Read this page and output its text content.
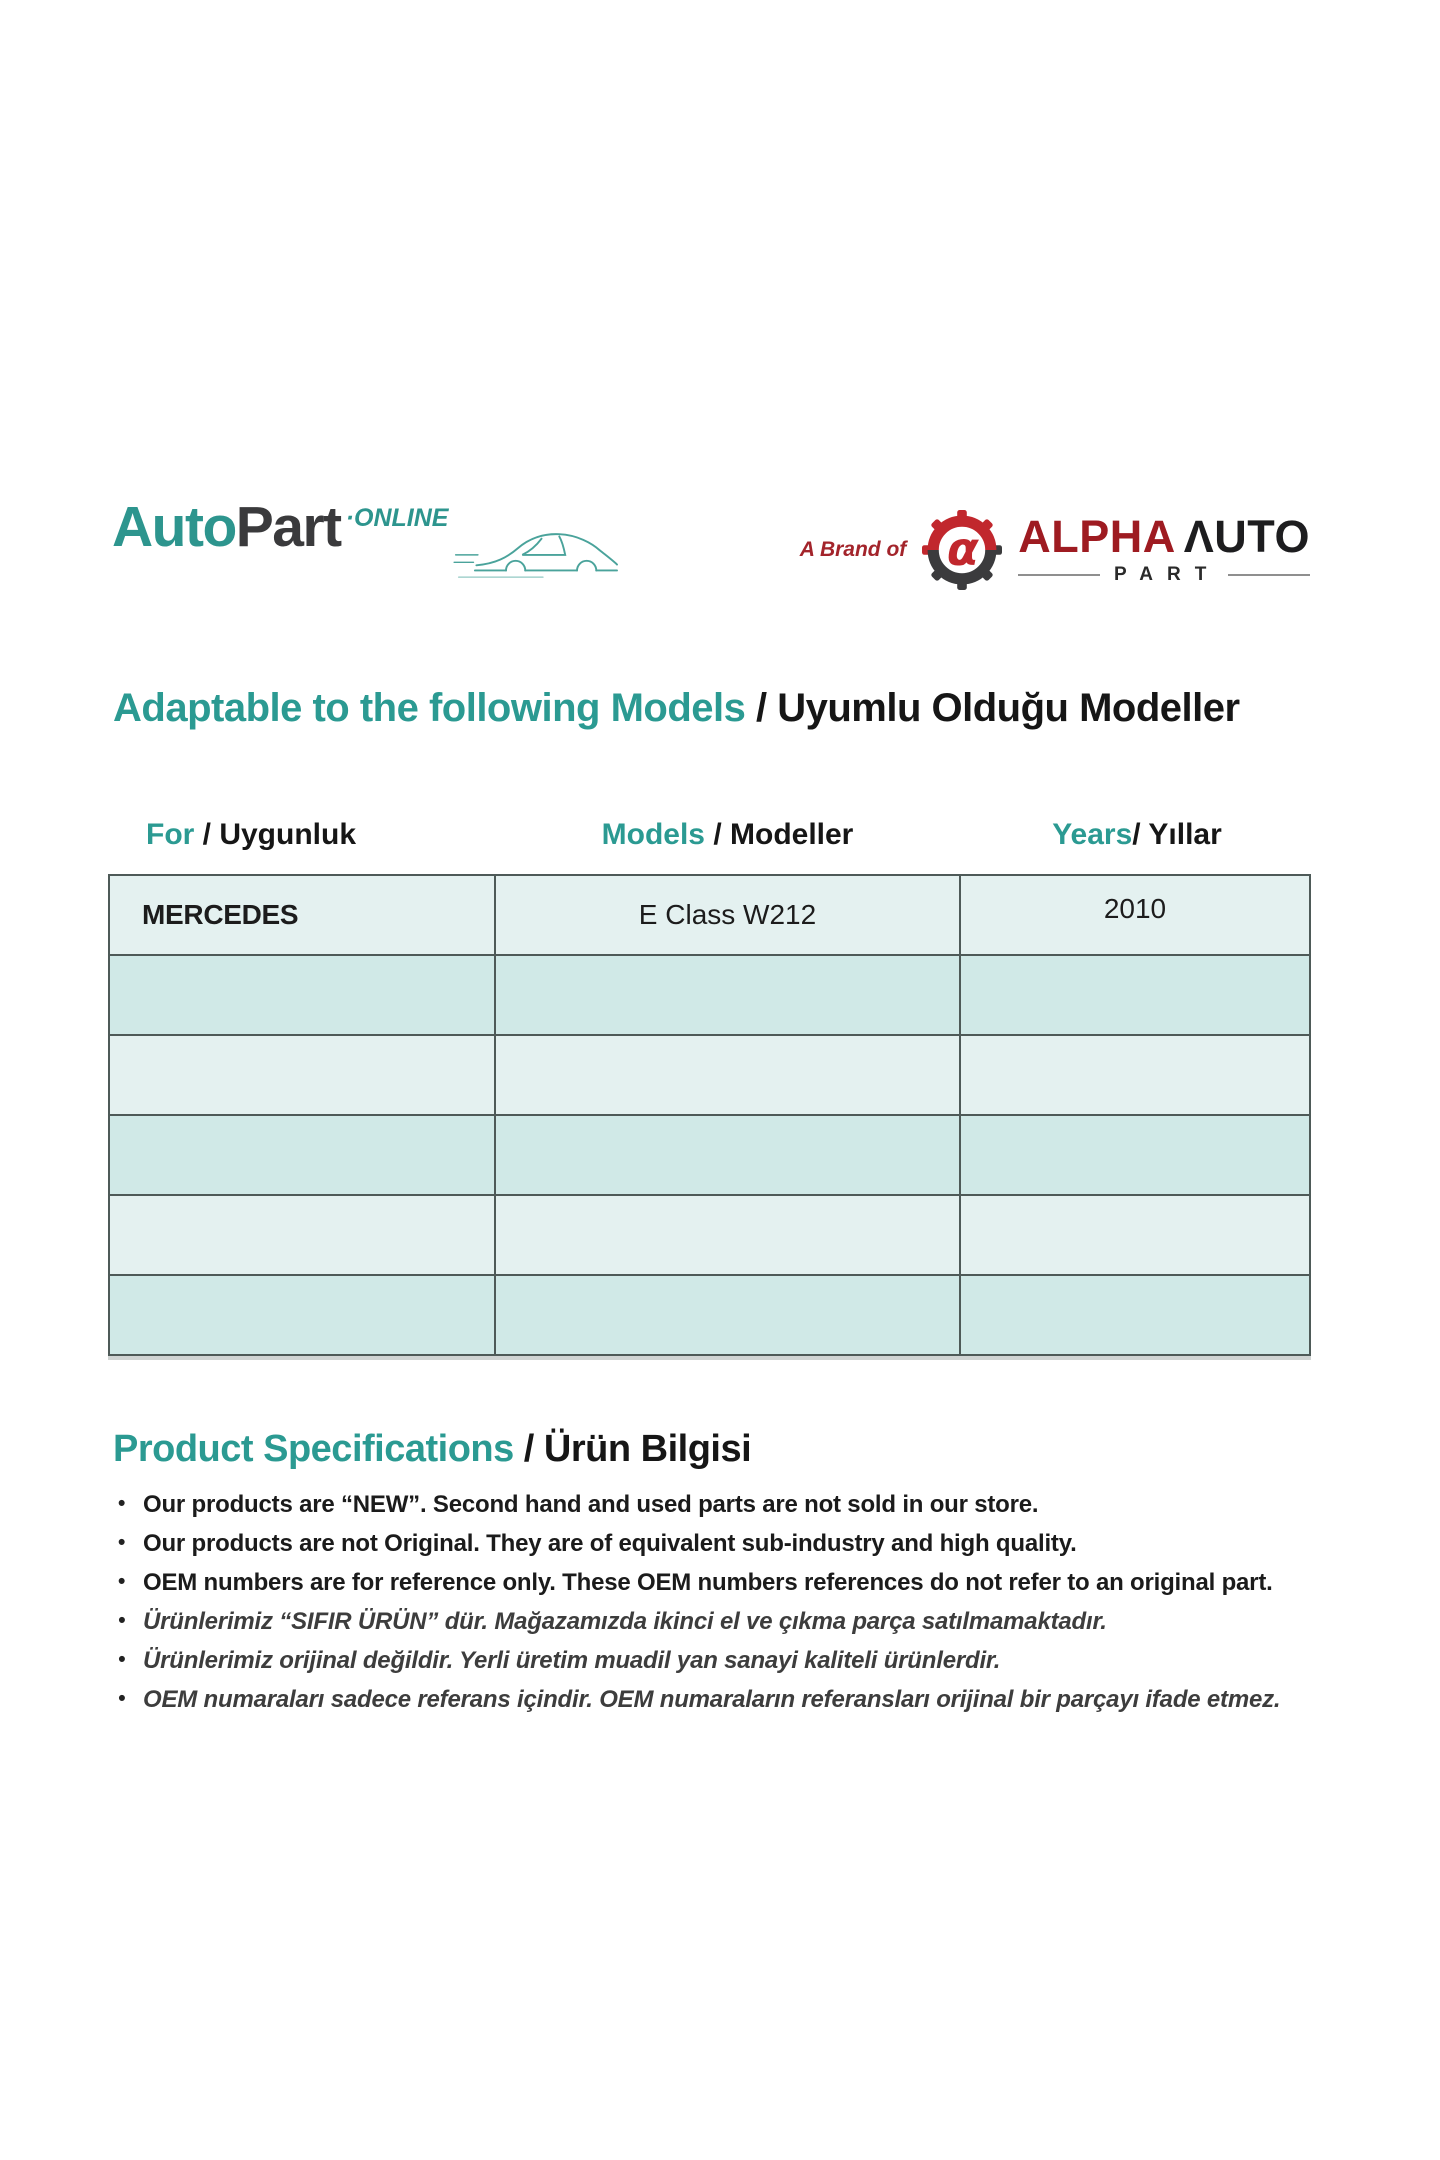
AutoPart $^{\cdot ONLINE}$
A Brand of α ALPHA ΛUTO
PART
Adaptable to the following Models / Uyumlu Olduğu Modeller
For / Uygunluk	Models / Modeller	Years/ Yıllar
MERCEDES	E Class W212	2010
Product Specifications / Ürün Bilgisi
• Our products are “NEW”. Second hand and used parts are not sold in our store.
• Our products are not Original. They are of equivalent sub-industry and high quality.
• OEM numbers are for reference only. These OEM numbers references do not refer to an original part.
• Ürünlerimiz “SIFIR ÜRÜN” dür. Mağazamızda ikinci el ve çıkma parça satılmamaktadır.
• Ürünlerimiz orijinal değildir. Yerli üretim muadil yan sanayi kaliteli ürünlerdir.
• OEM numaraları sadece referans içindir. OEM numaraların referansları orijinal bir parçayı ifade etmez.
